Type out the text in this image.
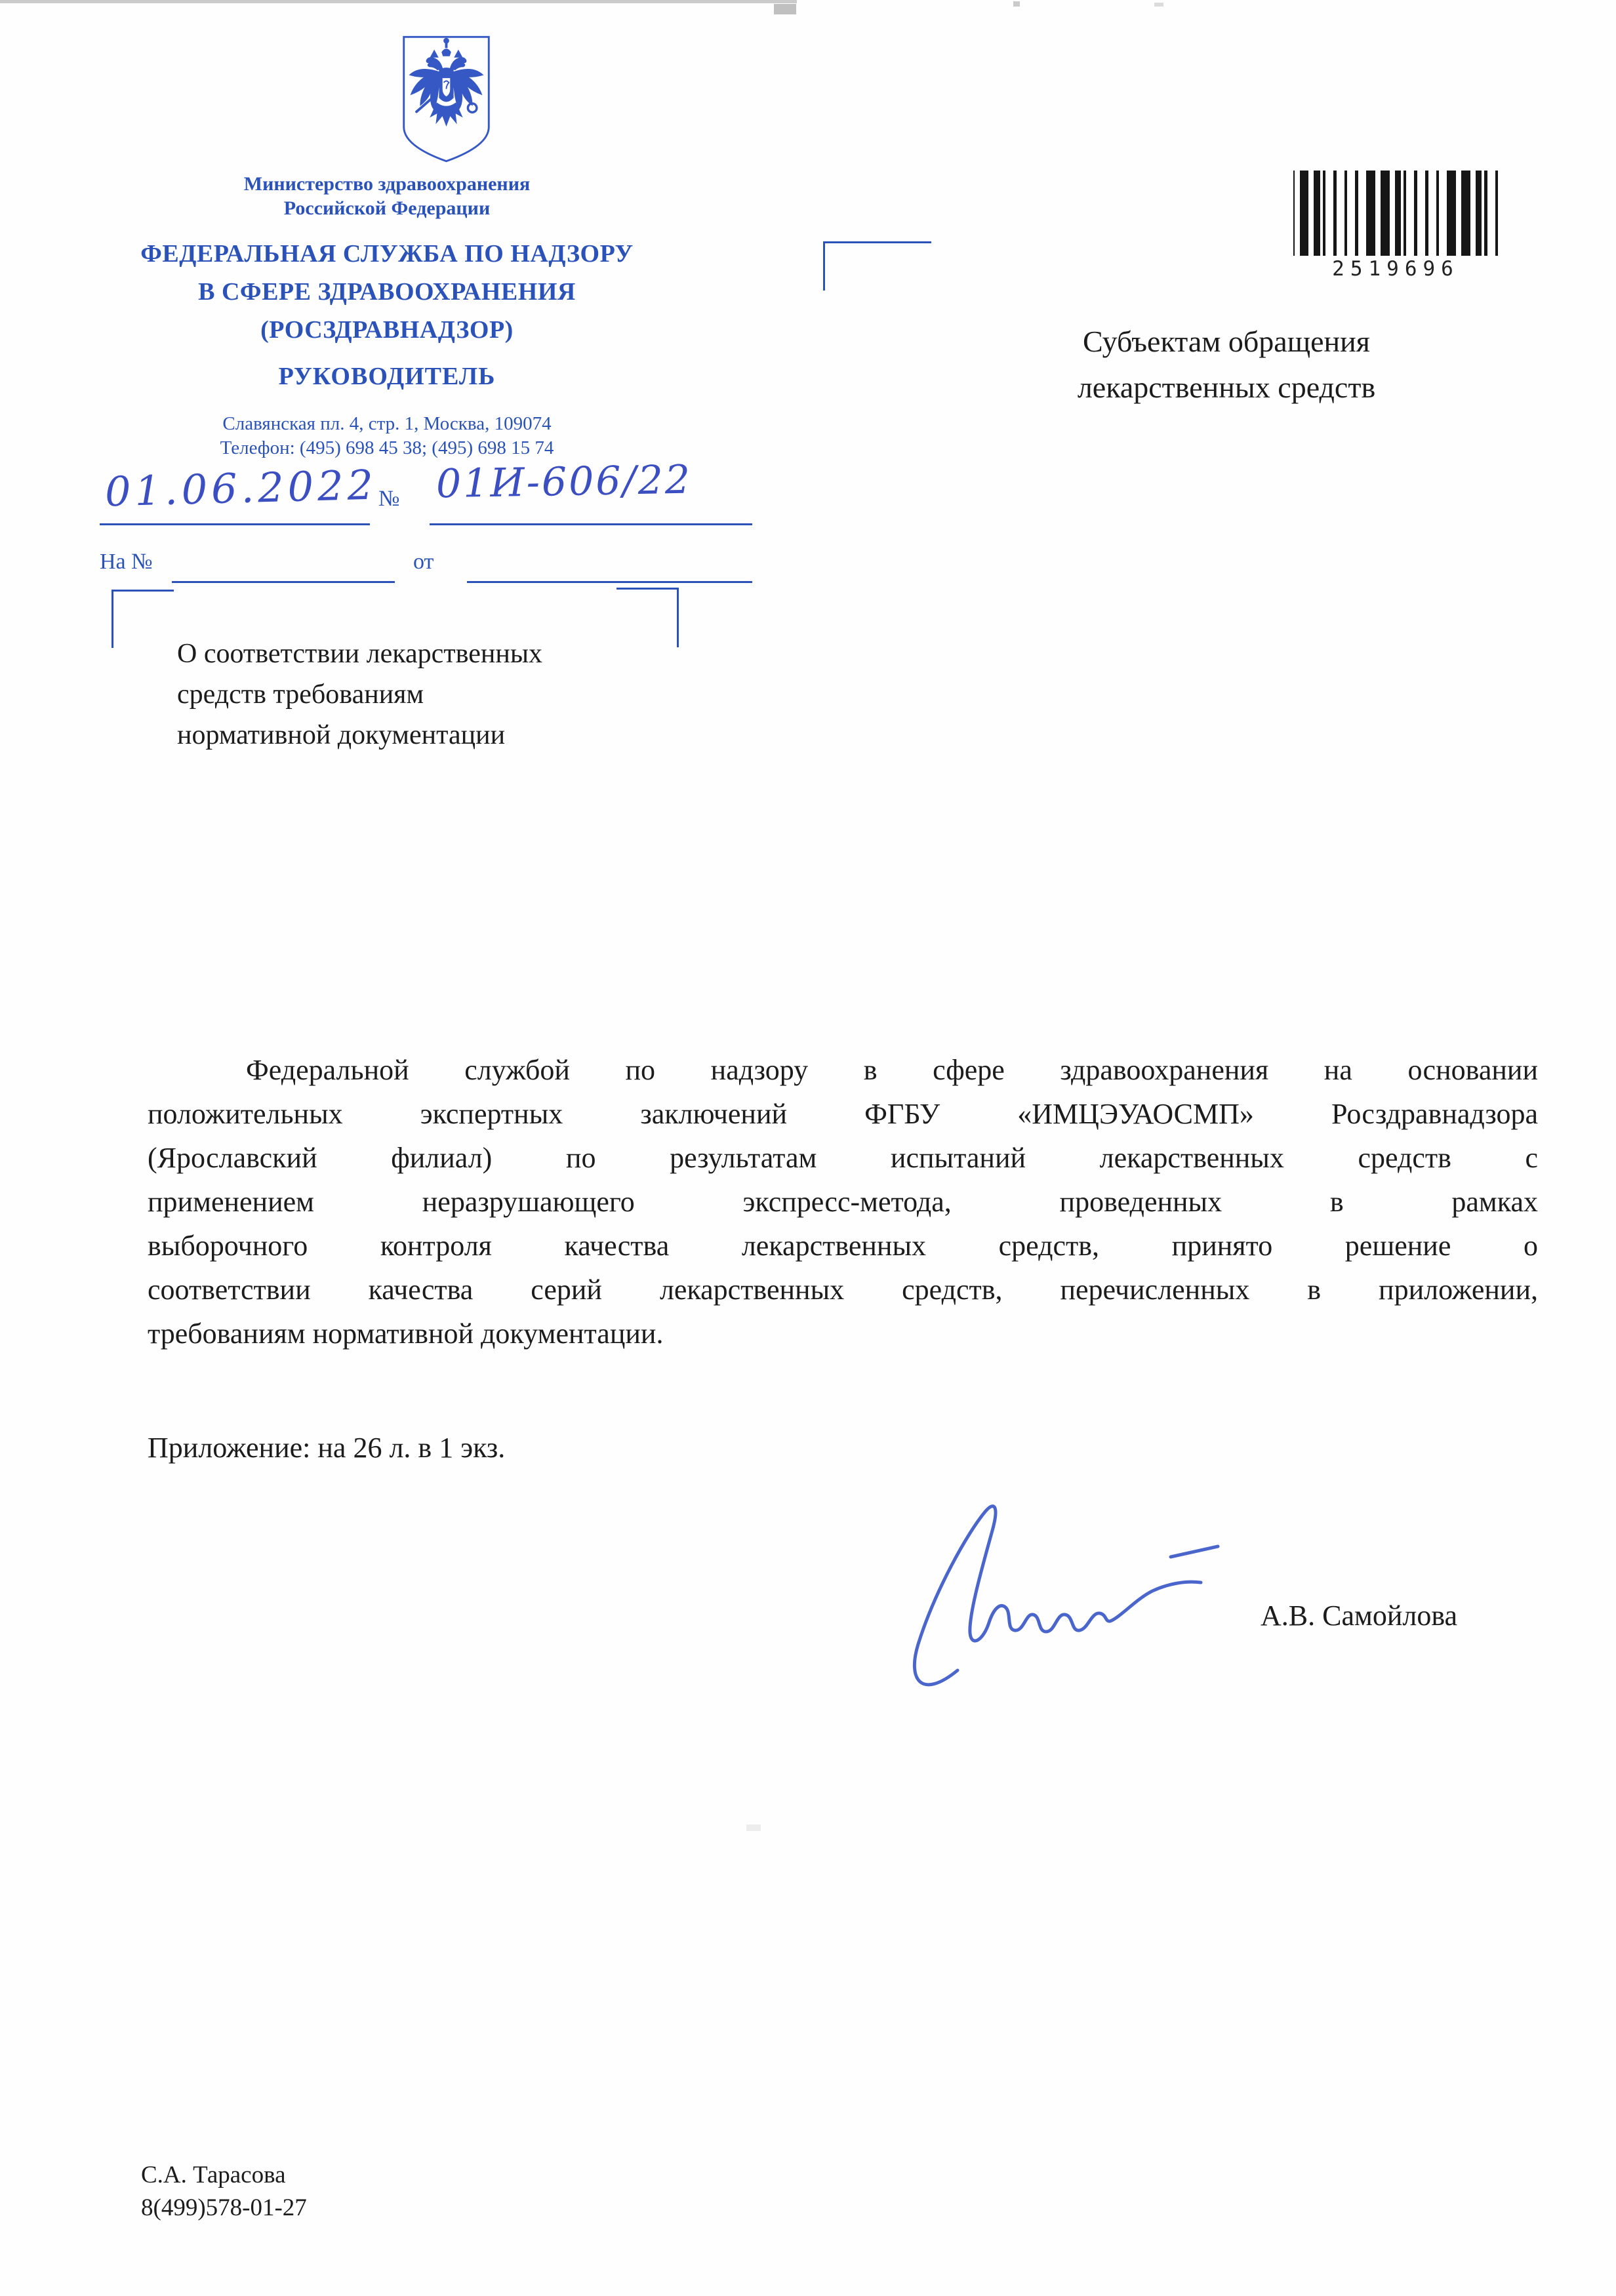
Министерство здравоохранения
Российской Федерации
ФЕДЕРАЛЬНАЯ СЛУЖБА ПО НАДЗОРУ
В СФЕРЕ ЗДРАВООХРАНЕНИЯ
(РОСЗДРАВНАДЗОР)
РУКОВОДИТЕЛЬ
Славянская пл. 4, стр. 1, Москва, 109074
Телефон: (495) 698 45 38; (495) 698 15 74
01.06.2022 № 01И-606/22
На №	от
2519696
Субъектам обращения
лекарственных средств
О соответствии лекарственных
средств требованиям
нормативной документации
Федеральной службой по надзору в сфере здравоохранения на основании
положительных экспертных заключений ФГБУ «ИМЦЭУАОСМП» Росздравнадзора
(Ярославский филиал) по результатам испытаний лекарственных средств с
применением неразрушающего экспресс-метода, проведенных в рамках
выборочного контроля качества лекарственных средств, принято решение о
соответствии качества серий лекарственных средств, перечисленных в приложении,
требованиям нормативной документации.
Приложение: на 26 л. в 1 экз.
А.В. Самойлова
С.А. Тарасова
8(499)578-01-27
